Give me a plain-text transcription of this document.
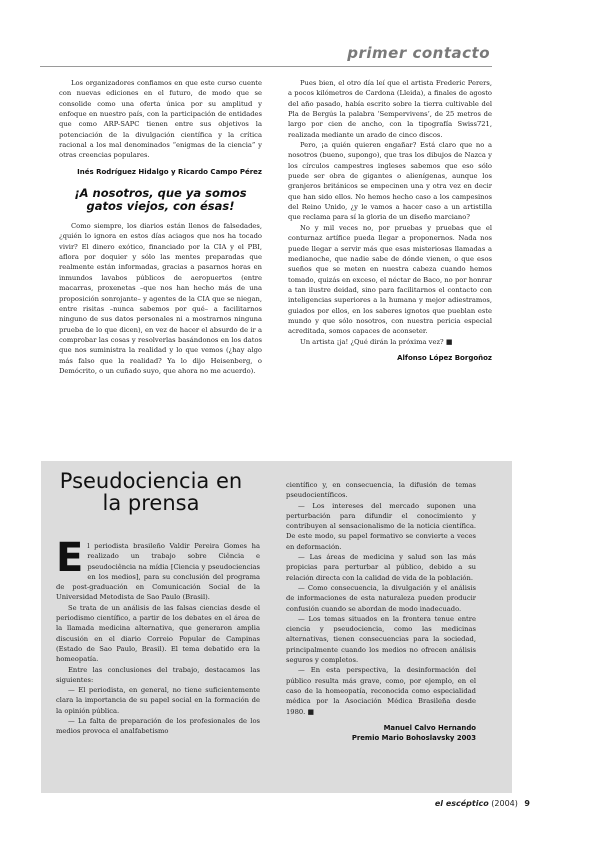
primer contacto

Los organizadores confiamos en que este curso cuente con nuevas ediciones en el futuro, de modo que se consolide como una oferta única por su amplitud y enfoque en nuestro país, con la participación de entidades que como ARP-SAPC tienen entre sus objetivos la potenciación de la divulgación científica y la crítica racional a los mal denominados “enigmas de la ciencia” y otras creencias populares.

Inés Rodríguez Hidalgo y Ricardo Campo Pérez
¡A nosotros, que ya somos gatos viejos, con ésas!

Como siempre, los diarios están llenos de falsedades, ¿quién lo ignora en estos días aciagos que nos ha tocado vivir? El dinero exótico, financiado por la CIA y el PBI, aflora por doquier y sólo las mentes preparadas que realmente están informadas, gracias a pasarnos horas en inmundos lavabos públicos de aeropuertos (entre macarras, proxenetas –que nos han hecho más de una proposición sonrojante– y agentes de la CIA que se niegan, entre risitas –nunca sabemos por qué– a facilitarnos ninguno de sus datos personales ni a mostrarnos ninguna prueba de lo que dicen), en vez de hacer el absurdo de ir a comprobar las cosas y resolverlas basándonos en los datos que nos suministra la realidad y lo que vemos (¿hay algo más falso que la realidad? Ya lo dijo Heisenberg, o Demócrito, o un cuñado suyo, que ahora no me acuerdo).

Pues bien, el otro día leí que el artista Frederic Perers, a pocos kilómetros de Cardona (Lleida), a finales de agosto del año pasado, había escrito sobre la tierra cultivable del Pla de Bergús la palabra ‘Sempervivens’, de 25 metros de largo por cien de ancho, con la tipografía Swiss721, realizada mediante un arado de cinco discos.

Pero, ¡a quién quieren engañar? Está claro que no a nosotros (bueno, supongo), que tras los dibujos de Nazca y los círculos campestres ingleses sabemos que eso sólo puede ser obra de gigantes o alienígenas, aunque los granjeros británicos se empecinen una y otra vez en decir que han sido ellos. No hemos hecho caso a los campesinos del Reino Unido, ¿y le vamos a hacer caso a un artistilla que reclama para sí la gloria de un diseño marciano?

No y mil veces no, por pruebas y pruebas que el conturnaz artífice pueda llegar a proponernos. Nada nos puede llegar a servir más que esas misteriosas llamadas a medianoche, que nadie sabe de dónde vienen, o que esos sueños que se meten en nuestra cabeza cuando hemos tomado, quizás en exceso, el néctar de Baco, no por honrar a tan ilustre deidad, sino para facilitarnos el contacto con inteligencias superiores a la humana y mejor adiestramos, guiados por ellos, en los saberes ignotos que pueblan este mundo y que sólo nosotros, con nuestra pericia especial acreditada, somos capaces de aconseter.

Un artista ¡ja! ¿Qué dirán la próxima vez? ■

Alfonso López Borgoñoz
Pseudociencia en la prensa

El periodista brasileño Valdir Pereira Gomes ha realizado un trabajo sobre Ciência e pseudociência na mídia [Ciencia y pseudociencias en los medios], para su conclusión del programa de post-graduación en Comunicación Social de la Universidad Metodista de Sao Paulo (Brasil).

Se trata de un análisis de las falsas ciencias desde el periodismo científico, a partir de los debates en el área de la llamada medicina alternativa, que generaron amplia discusión en el diario Correio Popular de Campinas (Estado de Sao Paulo, Brasil). El tema debatido era la homeopatía.

Entre las conclusiones del trabajo, destacamos las siguientes:

— El periodista, en general, no tiene suficientemente clara la importancia de su papel social en la formación de la opinión pública.

— La falta de preparación de los profesionales de los medios provoca el analfabetismo

científico y, en consecuencia, la difusión de temas pseudocientíficos.

— Los intereses del mercado suponen una perturbación para difundir el conocimiento y contribuyen al sensacionalismo de la noticia científica. De este modo, su papel formativo se convierte a veces en deformación.

— Las áreas de medicina y salud son las más propicias para perturbar al público, debido a su relación directa con la calidad de vida de la población.

— Como consecuencia, la divulgación y el análisis de informaciones de esta naturaleza pueden producir confusión cuando se abordan de modo inadecuado.

— Los temas situados en la frontera tenue entre ciencia y pseudociencia, como las medicinas alternativas, tienen consecuencias para la sociedad, principalmente cuando los medios no ofrecen análisis seguros y completos.

— En esta perspectiva, la desinformación del público resulta más grave, como, por ejemplo, en el caso de la homeopatía, reconocida como especialidad médica por la Asociación Médica Brasileña desde 1980. ■

Manuel Calvo Hernando
Premio Mario Bohoslavsky 2003
el escéptico (2004) 9
